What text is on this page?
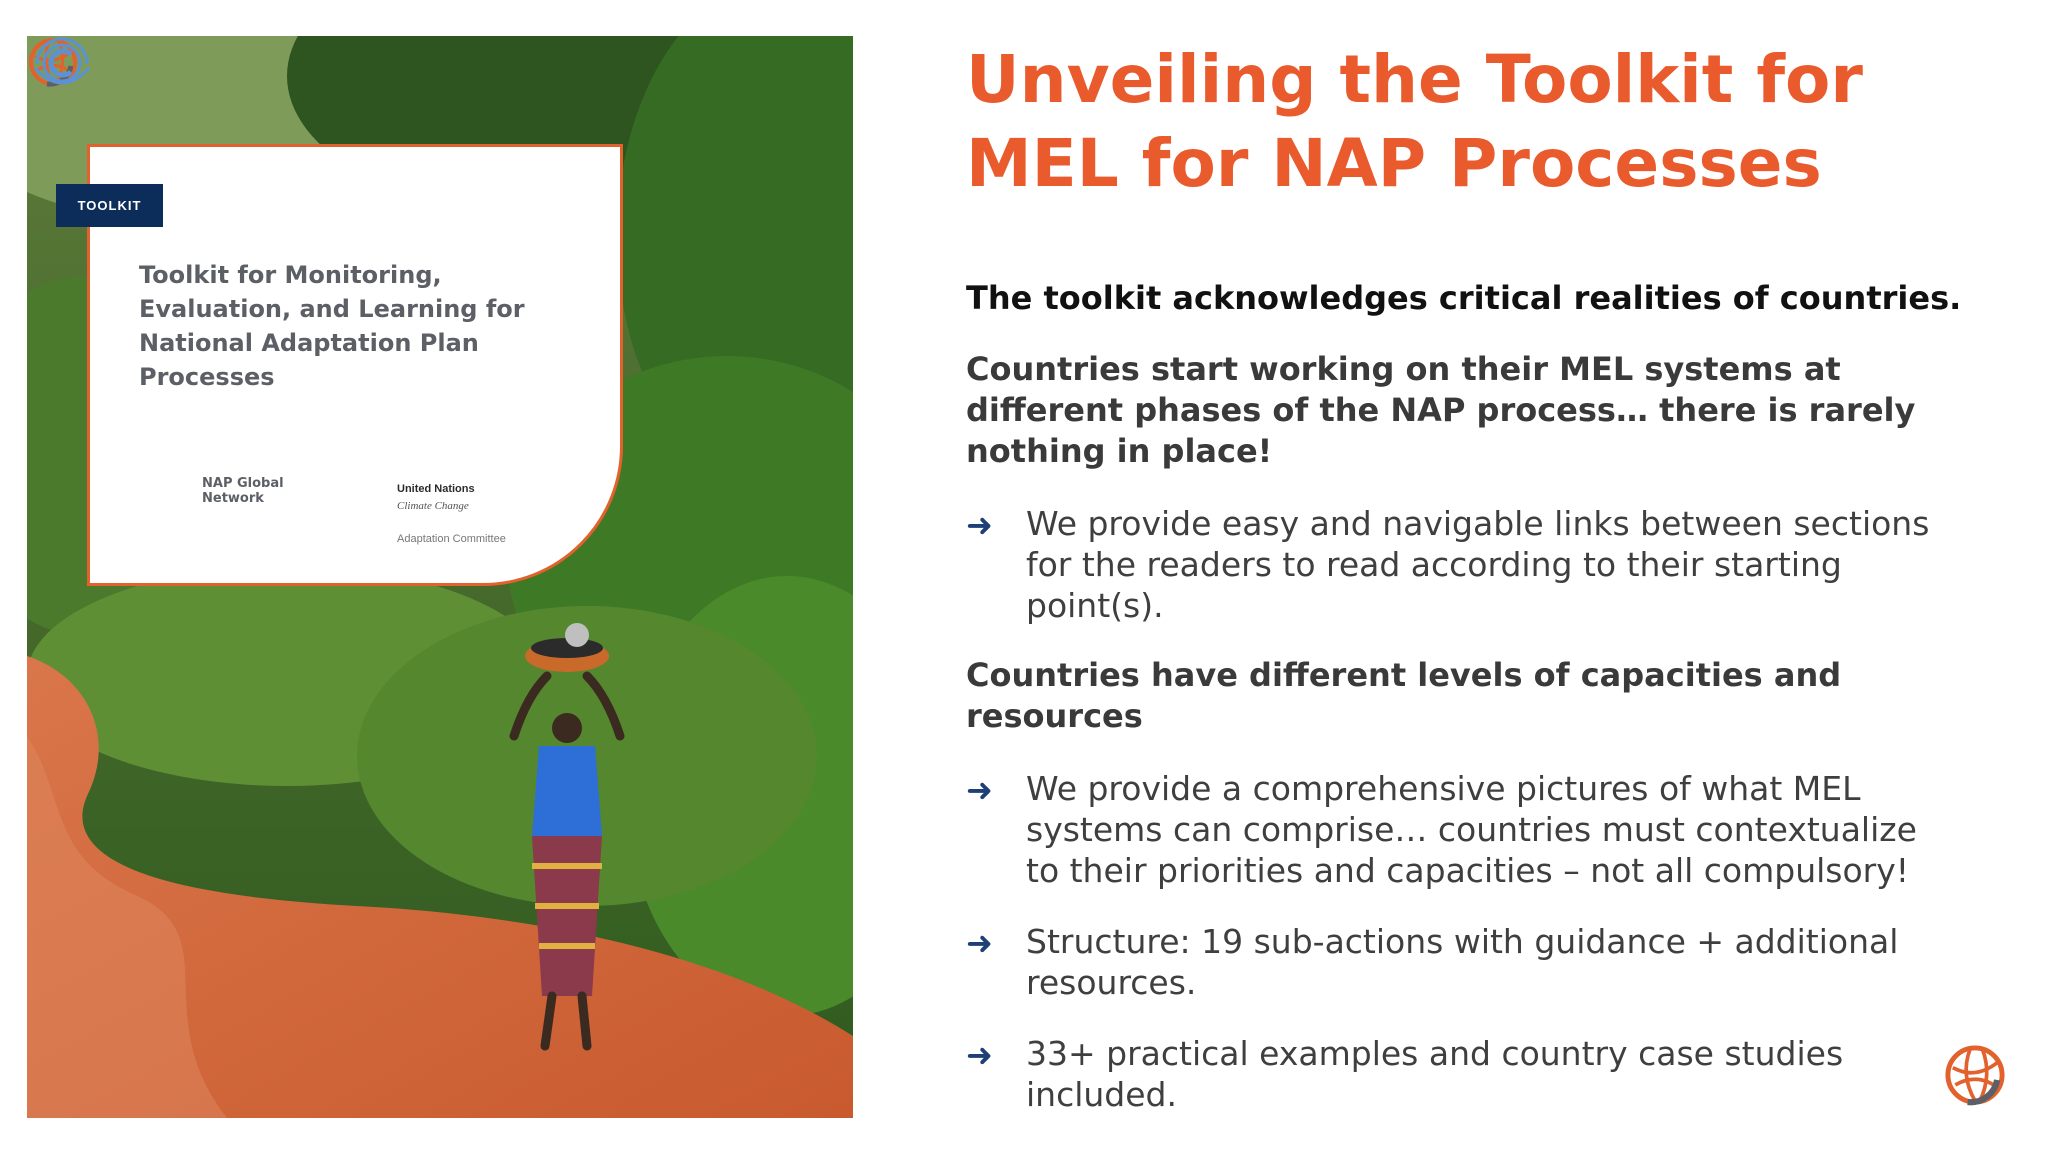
TOOLKIT
Toolkit for Monitoring, Evaluation, and Learning for National Adaptation Plan Processes
NAP Global Network
United Nations
Climate Change
Adaptation Committee
Unveiling the Toolkit for MEL for NAP Processes

The toolkit acknowledges critical realities of countries.

Countries start working on their MEL systems at different phases of the NAP process… there is rarely nothing in place!

➜ We provide easy and navigable links between sections for the readers to read according to their starting point(s).

Countries have different levels of capacities and resources

➜ We provide a comprehensive pictures of what MEL systems can comprise… countries must contextualize to their priorities and capacities – not all compulsory!
➜ Structure: 19 sub-actions with guidance + additional resources.
➜ 33+ practical examples and country case studies included.
